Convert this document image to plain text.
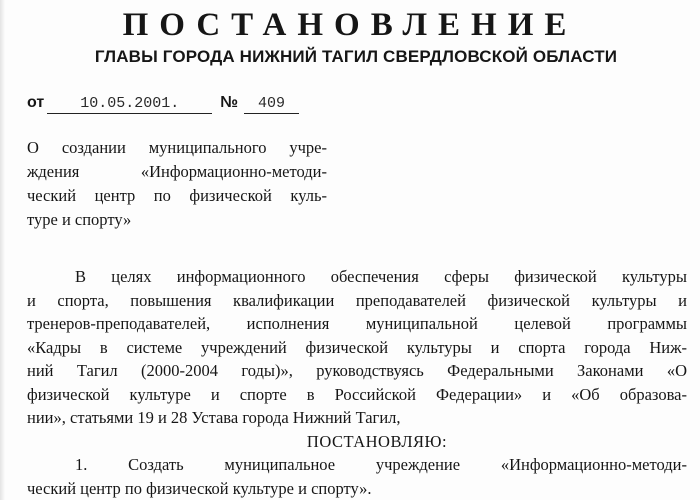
ПОСТАНОВЛЕНИЕ
ГЛАВЫ ГОРОДА НИЖНИЙ ТАГИЛ СВЕРДЛОВСКОЙ ОБЛАСТИ
от 10.05.2001.	№ 409
О создании муниципального учре-
ждения «Информационно-методи-
ческий центр по физической куль-
туре и спорту»
В целях информационного обеспечения сферы физической культуры
и спорта, повышения квалификации преподавателей физической культуры и
тренеров-преподавателей, исполнения муниципальной целевой программы
«Кадры в системе учреждений физической культуры и спорта города Ниж-
ний Тагил (2000-2004 годы)», руководствуясь Федеральными Законами «О
физической культуре и спорте в Российской Федерации» и «Об образова-
нии», статьями 19 и 28 Устава города Нижний Тагил,
ПОСТАНОВЛЯЮ:
1. Создать муниципальное учреждение «Информационно-методи-
ческий центр по физической культуре и спорту».
